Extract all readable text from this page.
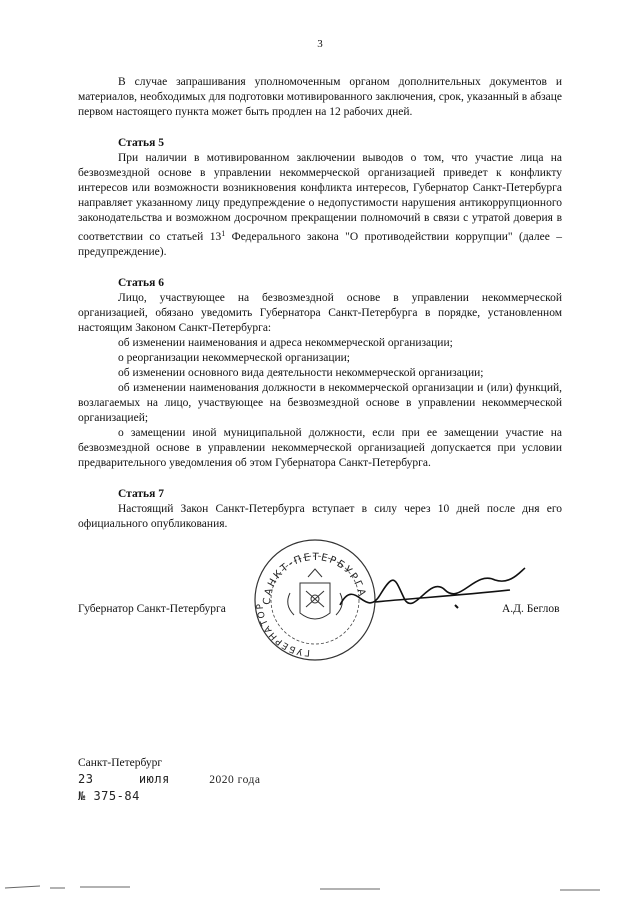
3

В случае запрашивания уполномоченным органом дополнительных документов и материалов, необходимых для подготовки мотивированного заключения, срок, указанный в абзаце первом настоящего пункта может быть продлен на 12 рабочих дней.

Статья 5

При наличии в мотивированном заключении выводов о том, что участие лица на безвозмездной основе в управлении некоммерческой организацией приведет к конфликту интересов или возможности возникновения конфликта интересов, Губернатор Санкт-Петербурга направляет указанному лицу предупреждение о недопустимости нарушения антикоррупционного законодательства и возможном досрочном прекращении полномочий в связи с утратой доверия в соответствии со статьей $13^1$ Федерального закона "О противодействии коррупции" (далее – предупреждение).

Статья 6

Лицо, участвующее на безвозмездной основе в управлении некоммерческой организацией, обязано уведомить Губернатора Санкт-Петербурга в порядке, установленном настоящим Законом Санкт-Петербурга:

об изменении наименования и адреса некоммерческой организации;

о реорганизации некоммерческой организации;

об изменении основного вида деятельности некоммерческой организации;

об изменении наименования должности в некоммерческой организации и (или) функций, возлагаемых на лицо, участвующее на безвозмездной основе в управлении некоммерческой организацией;

о замещении иной муниципальной должности, если при ее замещении участие на безвозмездной основе в управлении некоммерческой организацией допускается при условии предварительного уведомления об этом Губернатора Санкт-Петербурга.

Статья 7

Настоящий Закон Санкт-Петербурга вступает в силу через 10 дней после дня его официального опубликования.

САНКТ-ПЕТЕРБУРГА
ГУБЕРНАТОР
Губернатор Санкт-Петербурга	А.Д. Беглов
Санкт-Петербург
23	июля	2020 года
№ 375-84
